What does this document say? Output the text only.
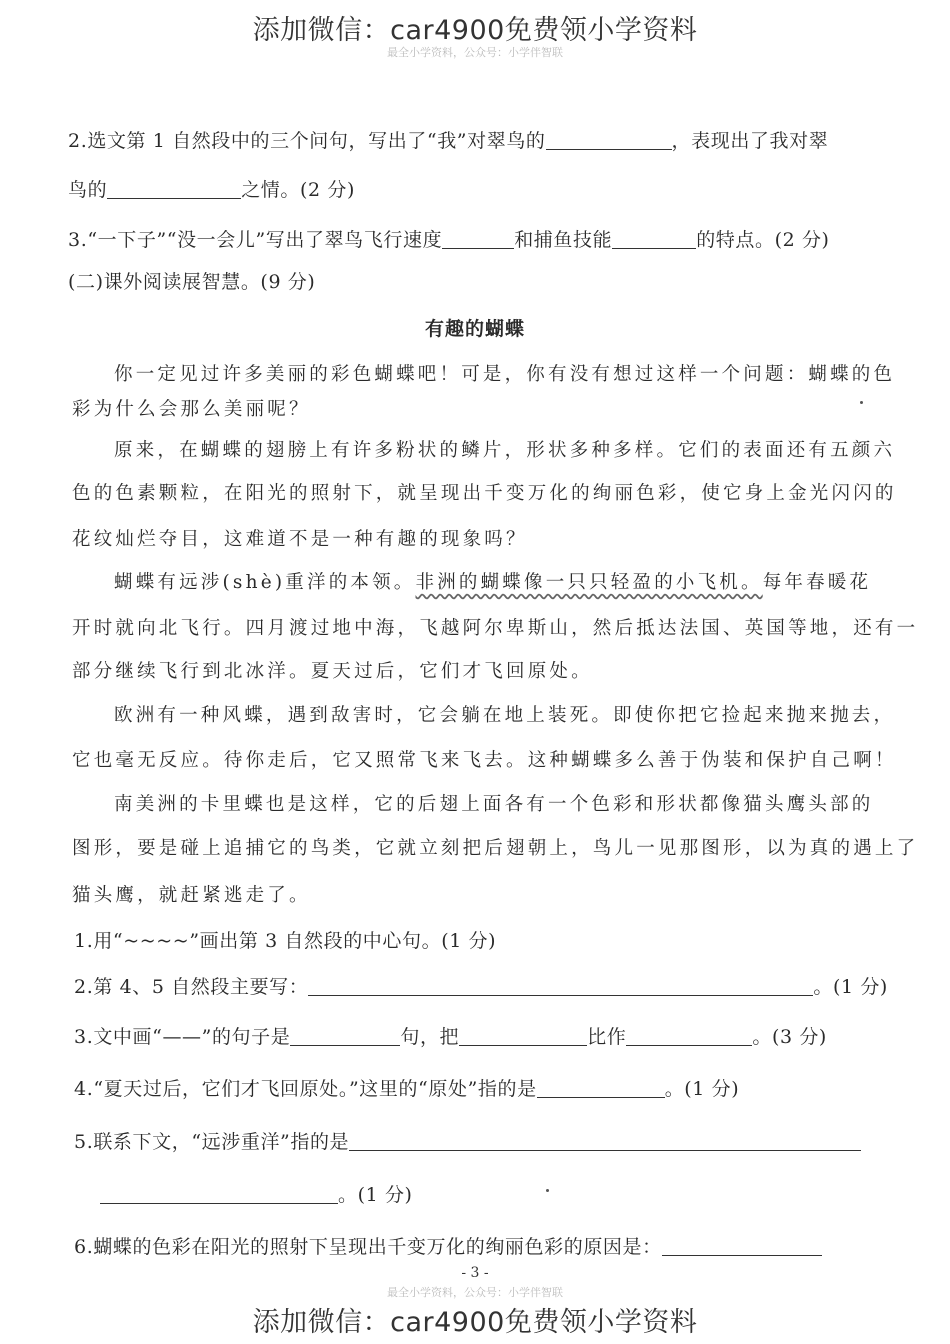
添加微信：car4900免费领小学资料
最全小学资料，公众号：小学伴智联
2.选文第 1 自然段中的三个问句，写出了“我”对翠鸟的	，表现出了我对翠
鸟的	之情。(2 分)
3.“一下子”“没一会儿”写出了翠鸟飞行速度	和捕鱼技能	的特点。(2 分)
(二)课外阅读展智慧。(9 分)
有趣的蝴蝶
你一定见过许多美丽的彩色蝴蝶吧！可是，你有没有想过这样一个问题：蝴蝶的色
彩为什么会那么美丽呢？
原来，在蝴蝶的翅膀上有许多粉状的鳞片，形状多种多样。它们的表面还有五颜六
色的色素颗粒，在阳光的照射下，就呈现出千变万化的绚丽色彩，使它身上金光闪闪的
花纹灿烂夺目，这难道不是一种有趣的现象吗？
蝴蝶有远涉(shè)重洋的本领。非洲的蝴蝶像一只只轻盈的小飞机。每年春暖花
开时就向北飞行。四月渡过地中海，飞越阿尔卑斯山，然后抵达法国、英国等地，还有一
部分继续飞行到北冰洋。夏天过后，它们才飞回原处。
欧洲有一种风蝶，遇到敌害时，它会躺在地上装死。即使你把它捡起来抛来抛去，
它也毫无反应。待你走后，它又照常飞来飞去。这种蝴蝶多么善于伪装和保护自己啊！
南美洲的卡里蝶也是这样，它的后翅上面各有一个色彩和形状都像猫头鹰头部的
图形，要是碰上追捕它的鸟类，它就立刻把后翅朝上，鸟儿一见那图形，以为真的遇上了
猫头鹰，就赶紧逃走了。
1.用“~~~~”画出第 3 自然段的中心句。(1 分)
2.第 4、5 自然段主要写：	。(1 分)
3.文中画“——”的句子是	句，把	比作	。(3 分)
4.“夏天过后，它们才飞回原处。”这里的“原处”指的是	。(1 分)
5.联系下文，“远涉重洋”指的是
。(1 分)
6.蝴蝶的色彩在阳光的照射下呈现出千变万化的绚丽色彩的原因是：
- 3 -
最全小学资料，公众号：小学伴智联
添加微信：car4900免费领小学资料
